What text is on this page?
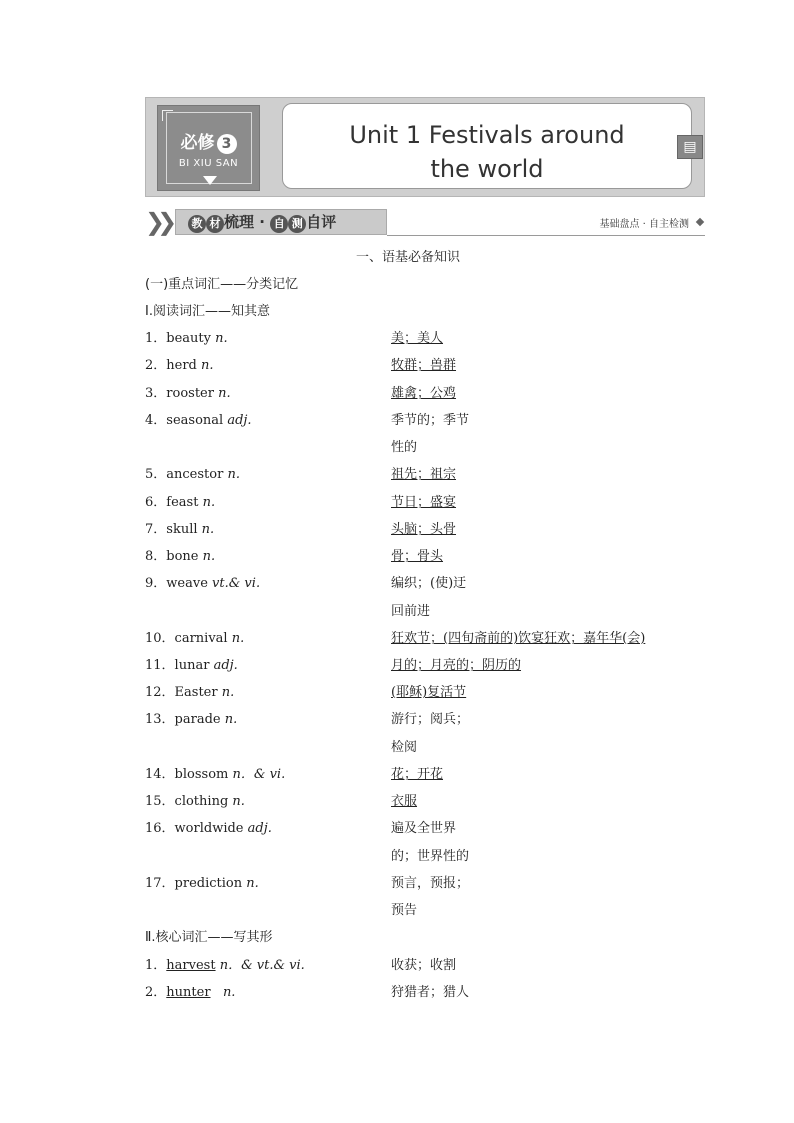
必修 3
BI XIU SAN
Unit 1 Festivals around
the world
▤
❯❯	教 材 梳理 · 自 测 自评	基础盘点 · 自主检测
一、语基必备知识
(一)重点词汇——分类记忆
Ⅰ.阅读词汇——知其意
1．beauty n.	美；美人
2．herd n.	牧群；兽群
3．rooster n.	雄禽；公鸡
4．seasonal adj.	季节的；季节
性的
5．ancestor n.	祖先；祖宗
6．feast n.	节日；盛宴
7．skull n.	头脑；头骨
8．bone n.	骨；骨头
9．weave vt.& vi.	编织；(使)迂
回前进
10．carnival n.	狂欢节；(四旬斋前的)饮宴狂欢；嘉年华(会)
11．lunar adj.	月的；月亮的；阴历的
12．Easter n.	(耶稣)复活节
13．parade n.	游行；阅兵；
检阅
14．blossom n．& vi.	花；开花
15．clothing n.	衣服
16．worldwide adj.	遍及全世界
的；世界性的
17．prediction n.	预言，预报；
预告
Ⅱ.核心词汇——写其形
1．harvest n．& vt.& vi.	收获；收割
2．hunter n.	狩猎者；猎人
